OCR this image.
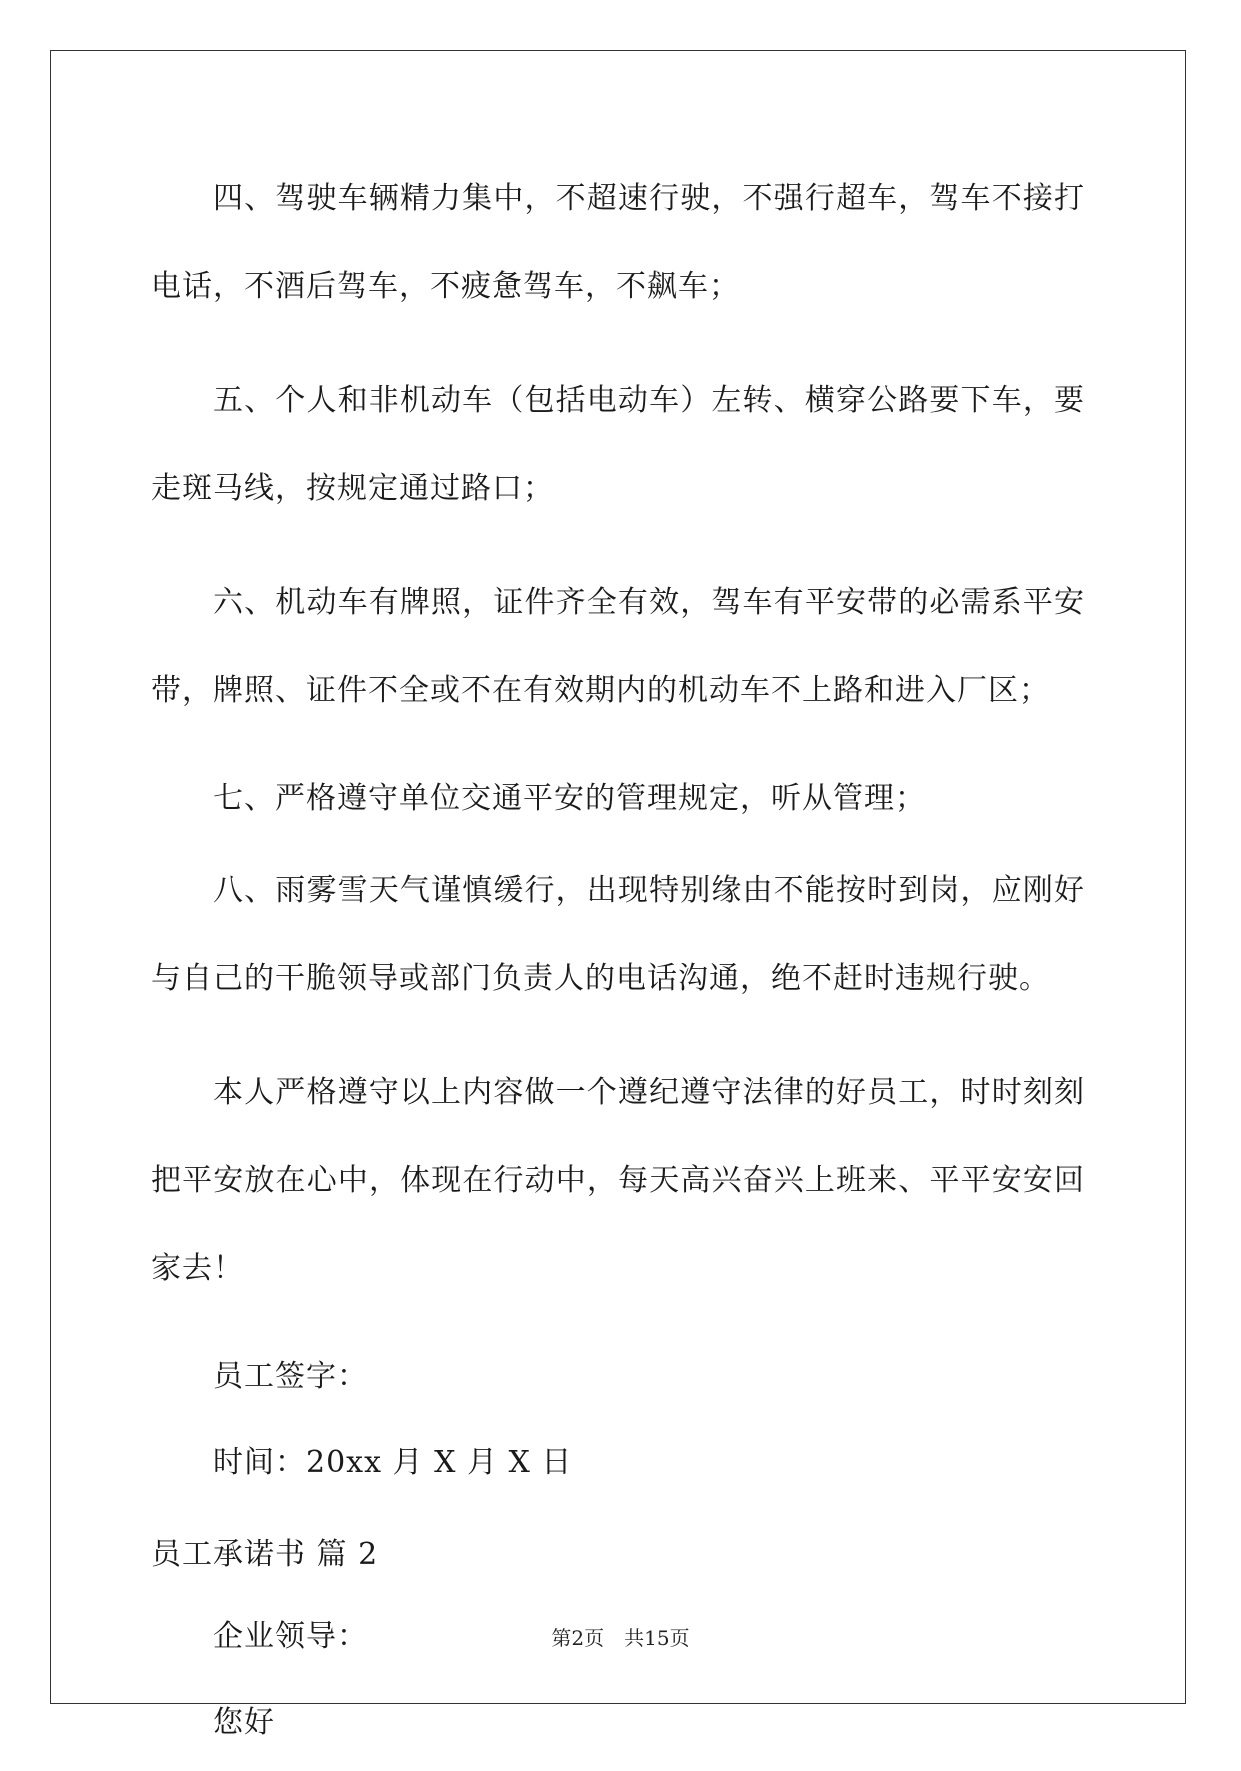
四、驾驶车辆精力集中，不超速行驶，不强行超车，驾车不接打电话，不酒后驾车，不疲惫驾车，不飙车；

五、个人和非机动车（包括电动车）左转、横穿公路要下车，要走斑马线，按规定通过路口；

六、机动车有牌照，证件齐全有效，驾车有平安带的必需系平安带，牌照、证件不全或不在有效期内的机动车不上路和进入厂区；

七、严格遵守单位交通平安的管理规定，听从管理；

八、雨雾雪天气谨慎缓行，出现特别缘由不能按时到岗，应刚好与自己的干脆领导或部门负责人的电话沟通，绝不赶时违规行驶。

本人严格遵守以上内容做一个遵纪遵守法律的好员工，时时刻刻把平安放在心中，体现在行动中，每天高兴奋兴上班来、平平安安回家去！

员工签字：

时间：20xx 月 X 月 X 日

员工承诺书 篇 2

企业领导：

您好

第2页　共15页
